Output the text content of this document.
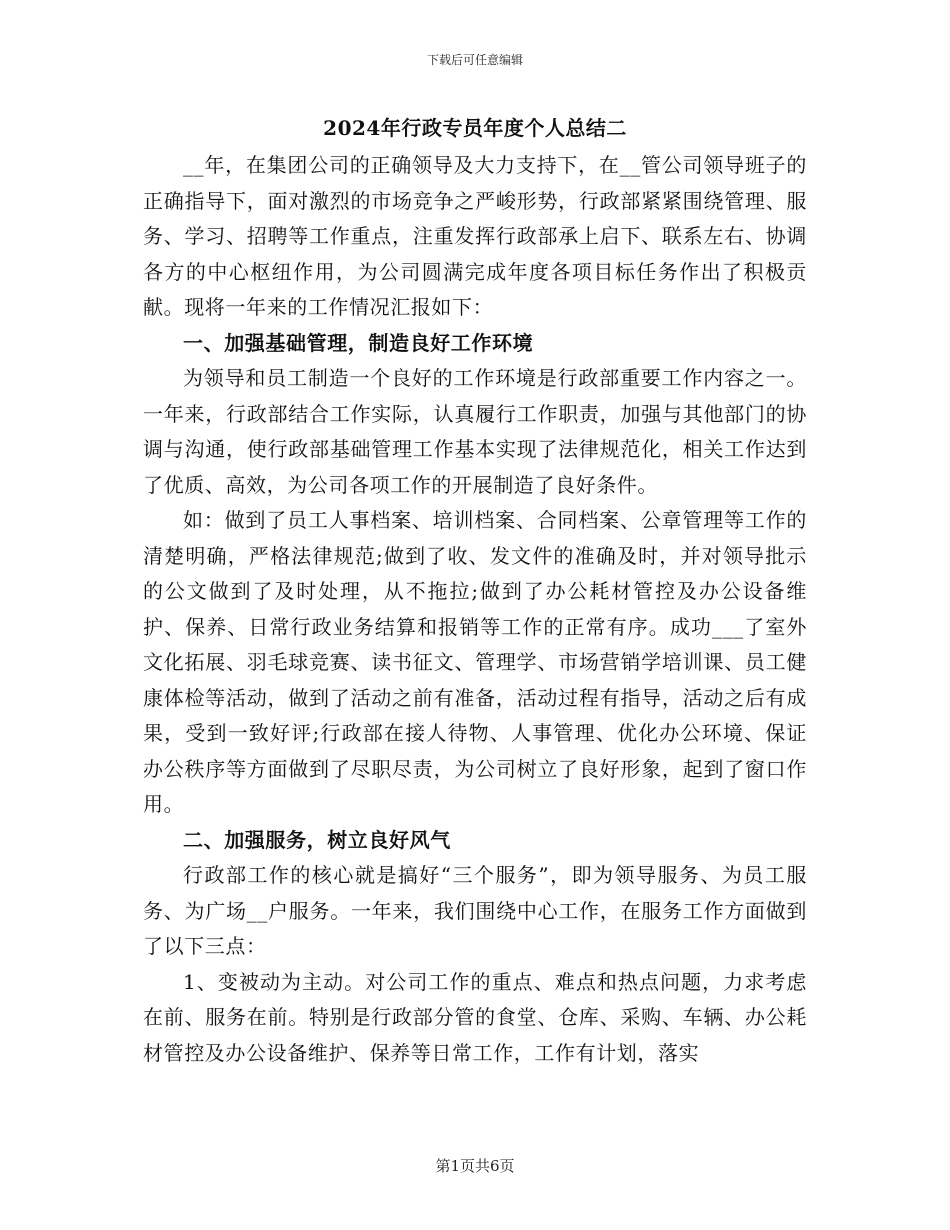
下载后可任意编辑
2024年行政专员年度个人总结二

__年，在集团公司的正确领导及大力支持下，在__管公司领导班子的正确指导下，面对激烈的市场竞争之严峻形势，行政部紧紧围绕管理、服务、学习、招聘等工作重点，注重发挥行政部承上启下、联系左右、协调各方的中心枢纽作用，为公司圆满完成年度各项目标任务作出了积极贡献。现将一年来的工作情况汇报如下：

一、加强基础管理，制造良好工作环境

为领导和员工制造一个良好的工作环境是行政部重要工作内容之一。一年来，行政部结合工作实际，认真履行工作职责，加强与其他部门的协调与沟通，使行政部基础管理工作基本实现了法律规范化，相关工作达到了优质、高效，为公司各项工作的开展制造了良好条件。

如：做到了员工人事档案、培训档案、合同档案、公章管理等工作的清楚明确，严格法律规范;做到了收、发文件的准确及时，并对领导批示的公文做到了及时处理，从不拖拉;做到了办公耗材管控及办公设备维护、保养、日常行政业务结算和报销等工作的正常有序。成功___了室外文化拓展、羽毛球竞赛、读书征文、管理学、市场营销学培训课、员工健康体检等活动，做到了活动之前有准备，活动过程有指导，活动之后有成果，受到一致好评;行政部在接人待物、人事管理、优化办公环境、保证办公秩序等方面做到了尽职尽责，为公司树立了良好形象，起到了窗口作用。

二、加强服务，树立良好风气

行政部工作的核心就是搞好“三个服务”，即为领导服务、为员工服务、为广场__户服务。一年来，我们围绕中心工作，在服务工作方面做到了以下三点：

1、变被动为主动。对公司工作的重点、难点和热点问题，力求考虑在前、服务在前。特别是行政部分管的食堂、仓库、采购、车辆、办公耗材管控及办公设备维护、保养等日常工作，工作有计划，落实

第1页共6页
